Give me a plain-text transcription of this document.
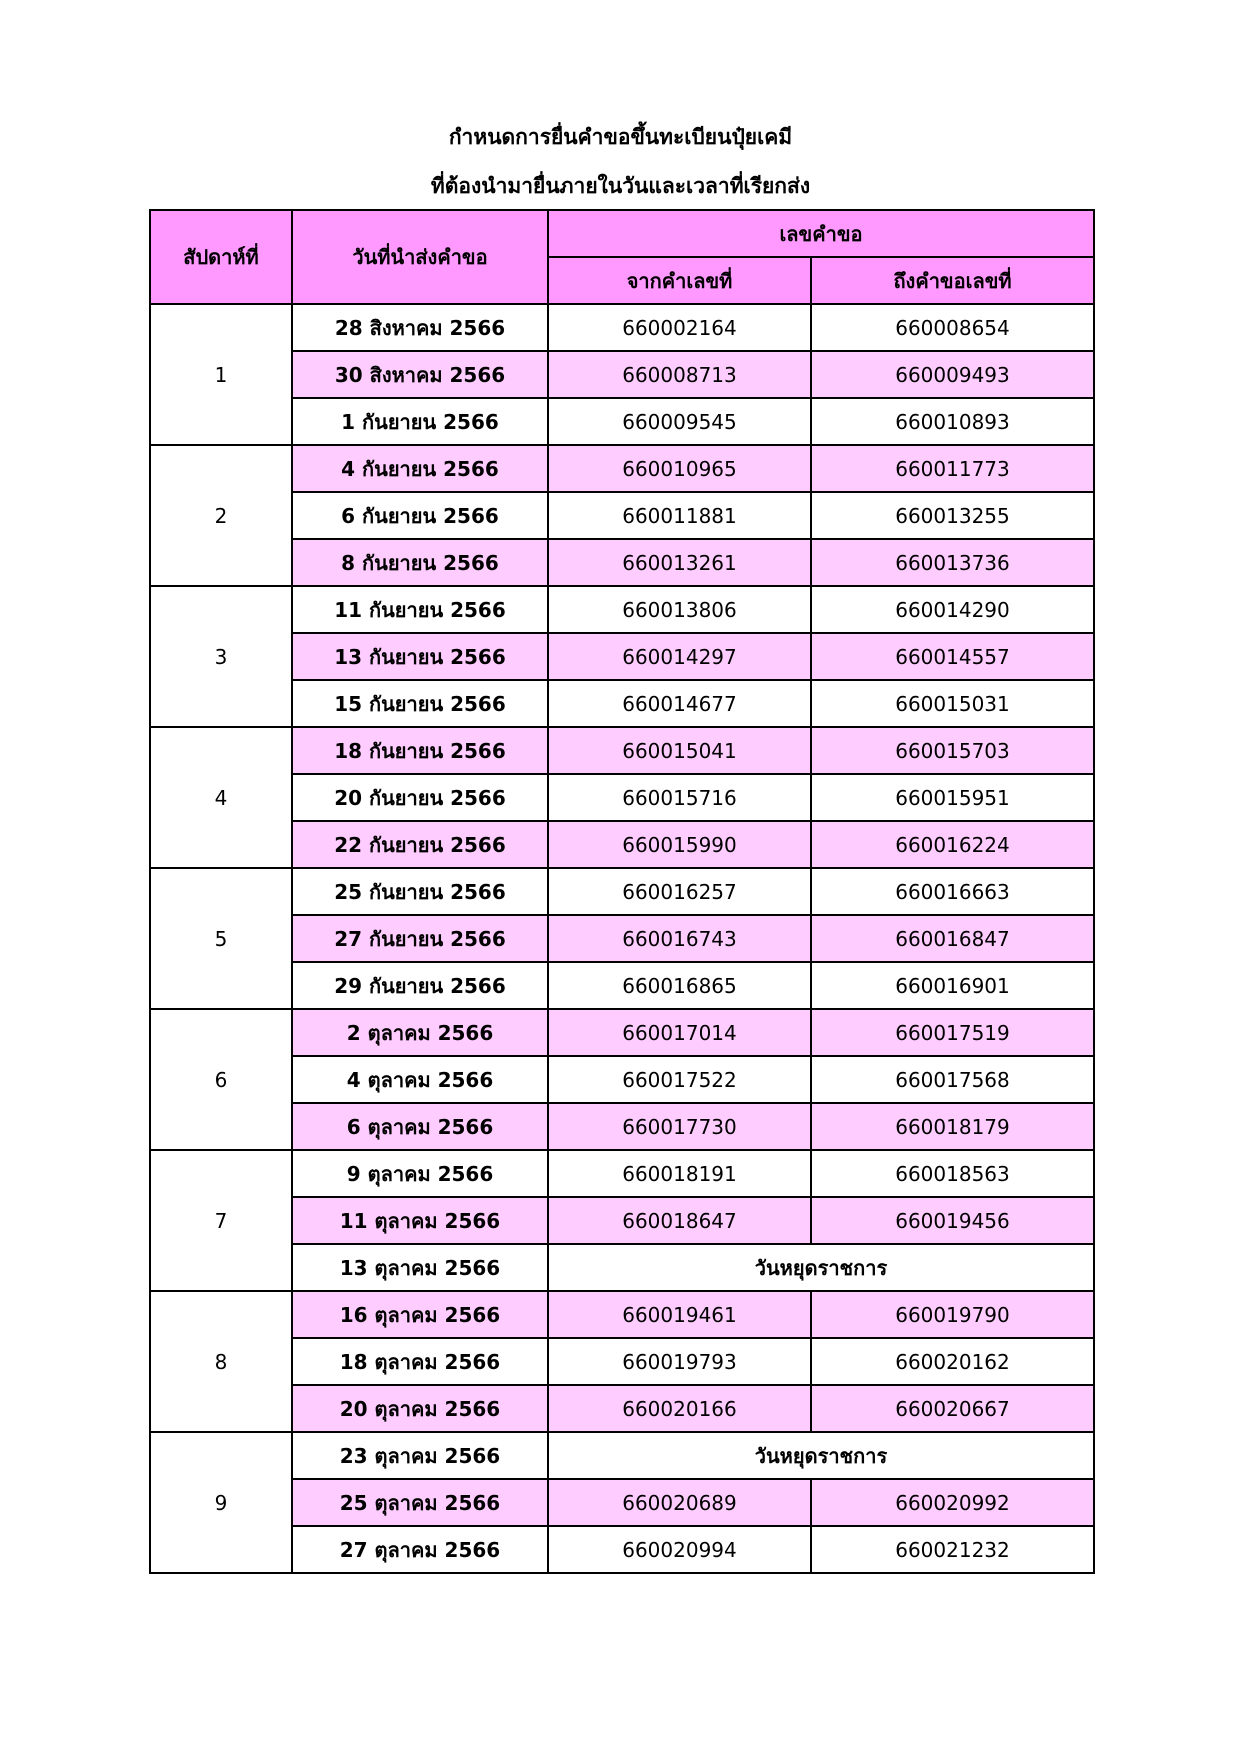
กำหนดการยื่นคำขอขึ้นทะเบียนปุ๋ยเคมี
ที่ต้องนำมายื่นภายในวันและเวลาที่เรียกส่ง
สัปดาห์ที่	วันที่นำส่งคำขอ	เลขคำขอ	
		จากคำเลขที่	ถึงคำขอเลขที่
1	28 สิงหาคม 2566	660002164	660008654
	30 สิงหาคม 2566	660008713	660009493
	1 กันยายน 2566	660009545	660010893
2	4 กันยายน 2566	660010965	660011773
	6 กันยายน 2566	660011881	660013255
	8 กันยายน 2566	660013261	660013736
3	11 กันยายน 2566	660013806	660014290
	13 กันยายน 2566	660014297	660014557
	15 กันยายน 2566	660014677	660015031
4	18 กันยายน 2566	660015041	660015703
	20 กันยายน 2566	660015716	660015951
	22 กันยายน 2566	660015990	660016224
5	25 กันยายน 2566	660016257	660016663
	27 กันยายน 2566	660016743	660016847
	29 กันยายน 2566	660016865	660016901
6	2 ตุลาคม 2566	660017014	660017519
	4 ตุลาคม 2566	660017522	660017568
	6 ตุลาคม 2566	660017730	660018179
7	9 ตุลาคม 2566	660018191	660018563
	11 ตุลาคม 2566	660018647	660019456
	13 ตุลาคม 2566	วันหยุดราชการ	
8	16 ตุลาคม 2566	660019461	660019790
	18 ตุลาคม 2566	660019793	660020162
	20 ตุลาคม 2566	660020166	660020667
9	23 ตุลาคม 2566	วันหยุดราชการ	
	25 ตุลาคม 2566	660020689	660020992
	27 ตุลาคม 2566	660020994	660021232
